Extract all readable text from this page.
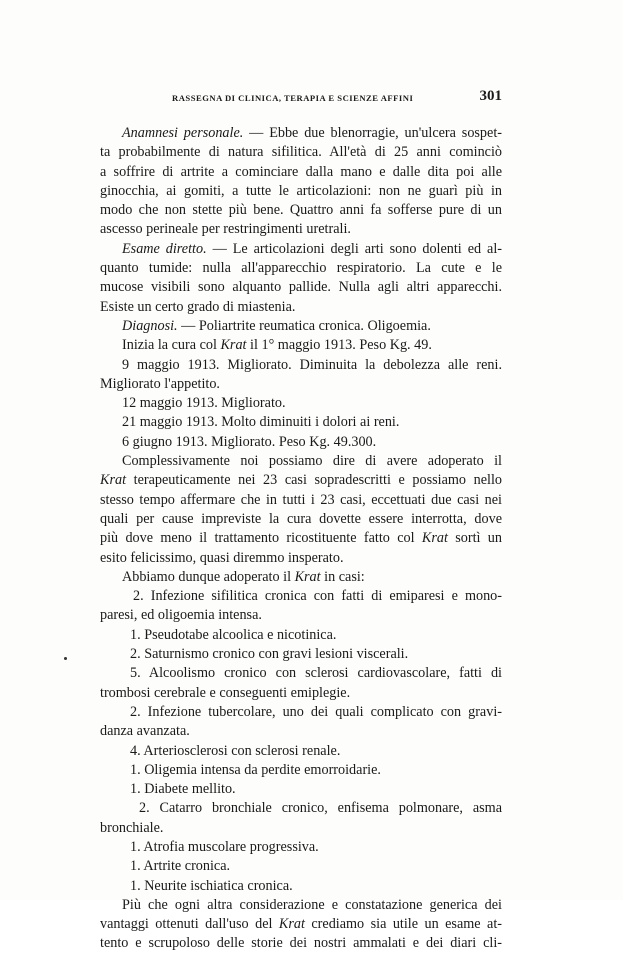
RASSEGNA DI CLINICA, TERAPIA E SCIENZE AFFINI	301
Anamnesi personale. — Ebbe due blenorragie, un'ulcera sospet-
ta probabilmente di natura sifilitica. All'età di 25 anni cominciò
a soffrire di artrite a cominciare dalla mano e dalle dita poi alle
ginocchia, ai gomiti, a tutte le articolazioni: non ne guarì più in
modo che non stette più bene. Quattro anni fa sofferse pure di un
ascesso perineale per restringimenti uretrali.
Esame diretto. — Le articolazioni degli arti sono dolenti ed al-
quanto tumide: nulla all'apparecchio respiratorio. La cute e le
mucose visibili sono alquanto pallide. Nulla agli altri apparecchi.
Esiste un certo grado di miastenia.
Diagnosi. — Poliartrite reumatica cronica. Oligoemia.
Inizia la cura col Krat il 1° maggio 1913. Peso Kg. 49.
9 maggio 1913. Migliorato. Diminuita la debolezza alle reni.
Migliorato l'appetito.
12 maggio 1913. Migliorato.
21 maggio 1913. Molto diminuiti i dolori ai reni.
6 giugno 1913. Migliorato. Peso Kg. 49.300.
Complessivamente noi possiamo dire di avere adoperato il
Krat terapeuticamente nei 23 casi sopradescritti e possiamo nello
stesso tempo affermare che in tutti i 23 casi, eccettuati due casi nei
quali per cause impreviste la cura dovette essere interrotta, dove
più dove meno il trattamento ricostituente fatto col Krat sortì un
esito felicissimo, quasi diremmo insperato.
Abbiamo dunque adoperato il Krat in casi:
2. Infezione sifilitica cronica con fatti di emiparesi e mono-
paresi, ed oligoemia intensa.
1. Pseudotabe alcoolica e nicotinica.
2. Saturnismo cronico con gravi lesioni viscerali.
5. Alcoolismo cronico con sclerosi cardiovascolare, fatti di
trombosi cerebrale e conseguenti emiplegie.
2. Infezione tubercolare, uno dei quali complicato con gravi-
danza avanzata.
4. Arteriosclerosi con sclerosi renale.
1. Oligemia intensa da perdite emorroidarie.
1. Diabete mellito.
2. Catarro bronchiale cronico, enfisema polmonare, asma
bronchiale.
1. Atrofia muscolare progressiva.
1. Artrite cronica.
1. Neurite ischiatica cronica.
Più che ogni altra considerazione e constatazione generica dei
vantaggi ottenuti dall'uso del Krat crediamo sia utile un esame at-
tento e scrupoloso delle storie dei nostri ammalati e dei diari cli-
